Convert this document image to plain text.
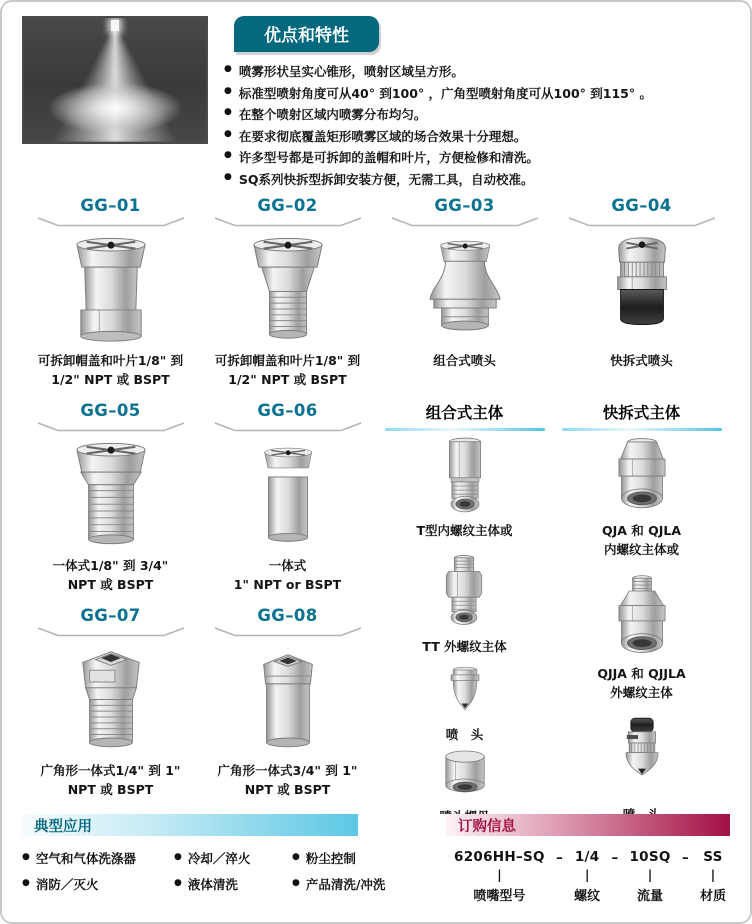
优点和特性
● 喷雾形状呈实心锥形，喷射区域呈方形。
● 标准型喷射角度可从40° 到100° ，广角型喷射角度可从100° 到115° 。
● 在整个喷射区域内喷雾分布均匀。
● 在要求彻底覆盖矩形喷雾区域的场合效果十分理想。
● 许多型号都是可拆卸的盖帽和叶片，方便检修和清洗。
● SQ系列快拆型拆卸安装方便，无需工具，自动校准。
GG–01
可拆卸帽盖和叶片1/8" 到
1/2" NPT 或 BSPT
GG–05
一体式1/8" 到 3/4"
NPT 或 BSPT
GG–07
广角形一体式1/4" 到 1"
NPT 或 BSPT
GG–02
可拆卸帽盖和叶片1/8" 到
1/2" NPT 或 BSPT
GG–06
一体式
1" NPT or BSPT
GG–08
广角形一体式3/4" 到 1"
NPT 或 BSPT
GG–03
组合式喷头
组合式主体
T型内螺纹主体或
TT 外螺纹主体
喷　头
GG–04
快拆式喷头
快拆式主体
QJA 和 QJLA
内螺纹主体或
QJJA 和 QJJLA
外螺纹主体
典型应用
● 空气和气体洗涤器
● 消防／灭火
● 冷却／淬火
● 液体清洗
● 粉尘控制
● 产品清洗/冲洗
订购信息
6206HH–SQ
|
喷嘴型号
– 1/4
|
螺纹
– 10SQ
|
流量
– SS
|
材质
